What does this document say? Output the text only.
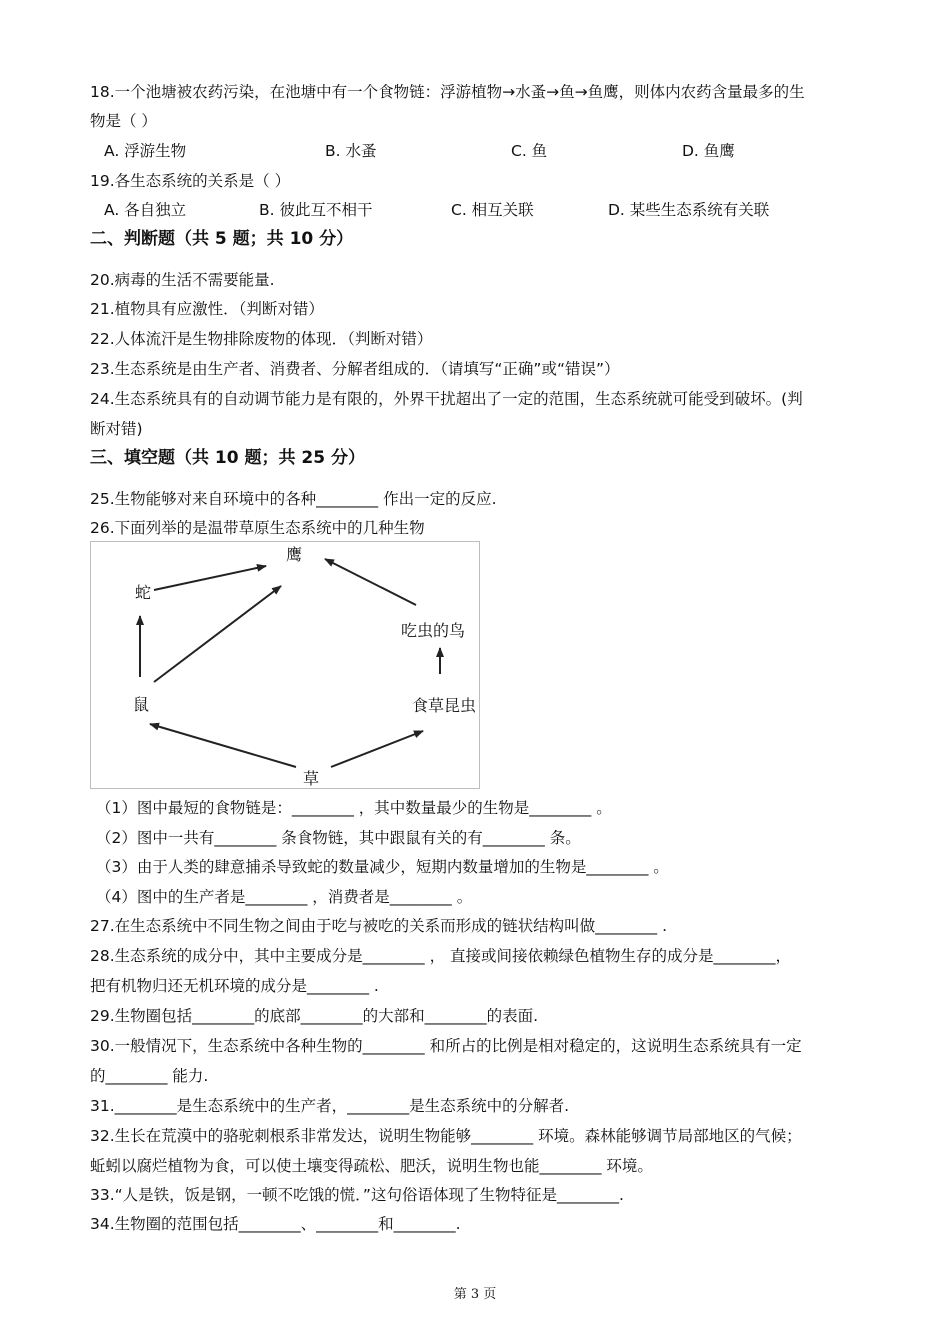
18.一个池塘被农药污染，在池塘中有一个食物链：浮游植物→水蚤→鱼→鱼鹰，则体内农药含量最多的生
物是（ ）
A. 浮游生物	B. 水蚤	C. 鱼	D. 鱼鹰
19.各生态系统的关系是（ ）
A. 各自独立	B. 彼此互不相干	C. 相互关联	D. 某些生态系统有关联
二、判断题（共 5 题；共 10 分）
20.病毒的生活不需要能量.
21.植物具有应激性．（判断对错）
22.人体流汗是生物排除废物的体现．（判断对错）
23.生态系统是由生产者、消费者、分解者组成的．（请填写“正确”或“错误”）
24.生态系统具有的自动调节能力是有限的，外界干扰超出了一定的范围，生态系统就可能受到破坏。(判
断对错)
三、填空题（共 10 题；共 25 分）
25.生物能够对来自环境中的各种________ 作出一定的反应.
26.下面列举的是温带草原生态系统中的几种生物
鹰
蛇
吃虫的鸟
鼠	食草昆虫
草
（1）图中最短的食物链是：________ ，其中数量最少的生物是________ 。
（2）图中一共有________ 条食物链，其中跟鼠有关的有________ 条。
（3）由于人类的肆意捕杀导致蛇的数量减少，短期内数量增加的生物是________ 。
（4）图中的生产者是________ ，消费者是________ 。
27.在生态系统中不同生物之间由于吃与被吃的关系而形成的链状结构叫做________ .
28.生态系统的成分中，其中主要成分是________ ， 直接或间接依赖绿色植物生存的成分是________，
把有机物归还无机环境的成分是________ .
29.生物圈包括________的底部________的大部和________的表面.
30.一般情况下，生态系统中各种生物的________ 和所占的比例是相对稳定的，这说明生态系统具有一定
的________ 能力.
31.________是生态系统中的生产者，________是生态系统中的分解者.
32.生长在荒漠中的骆驼刺根系非常发达，说明生物能够________ 环境。森林能够调节局部地区的气候；
蚯蚓以腐烂植物为食，可以使土壤变得疏松、肥沃，说明生物也能________ 环境。
33.“人是铁，饭是钢，一顿不吃饿的慌．”这句俗语体现了生物特征是________.
34.生物圈的范围包括________、________和________.
第 3 页
